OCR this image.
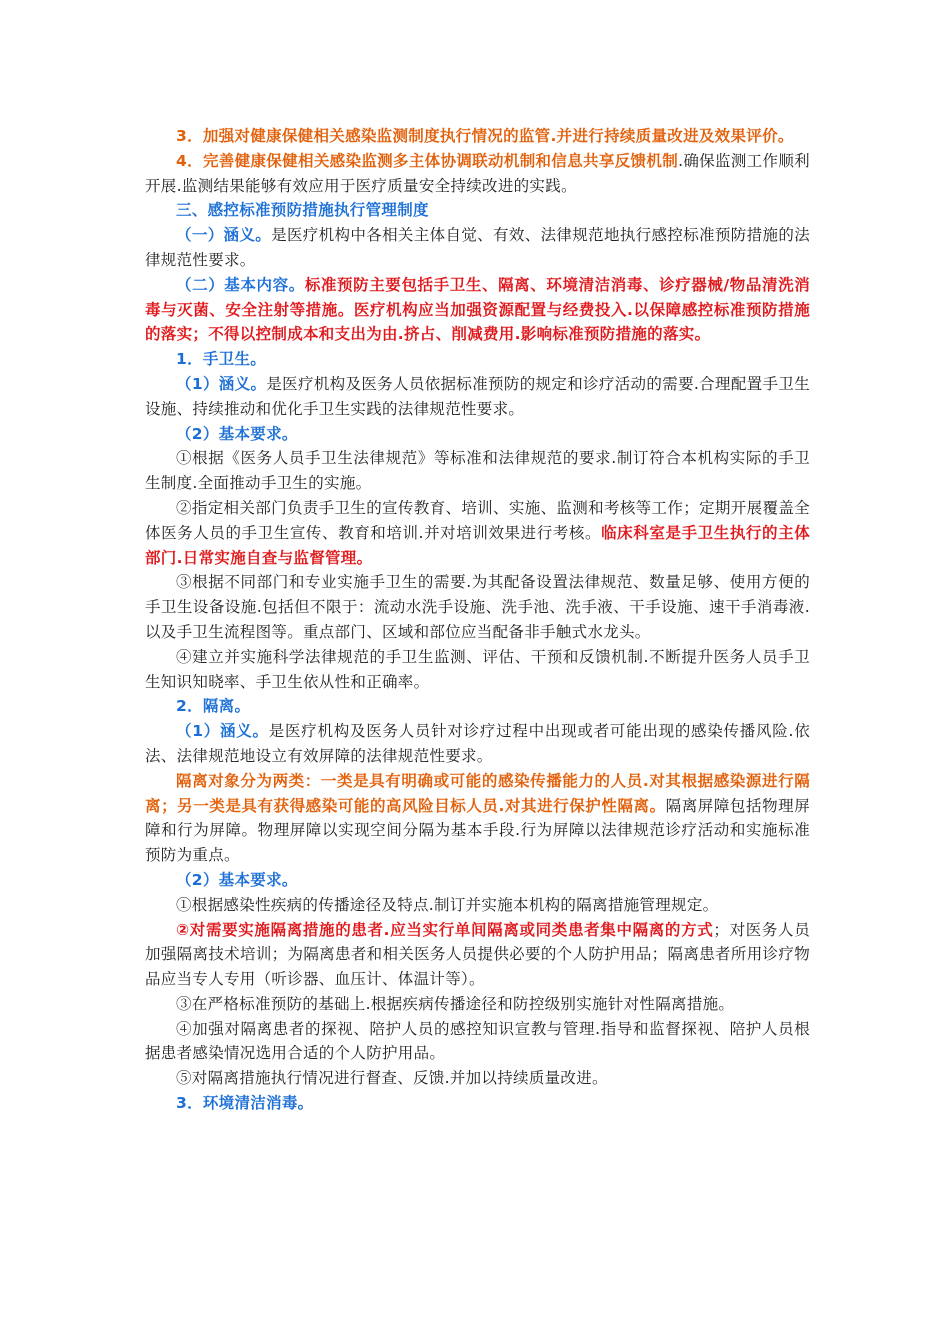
3．加强对健康保健相关感染监测制度执行情况的监管.并进行持续质量改进及效果评价。

4．完善健康保健相关感染监测多主体协调联动机制和信息共享反馈机制.确保监测工作顺利开展.监测结果能够有效应用于医疗质量安全持续改进的实践。

三、感控标准预防措施执行管理制度

（一）涵义。是医疗机构中各相关主体自觉、有效、法律规范地执行感控标准预防措施的法律规范性要求。

（二）基本内容。标准预防主要包括手卫生、隔离、环境清洁消毒、诊疗器械/物品清洗消毒与灭菌、安全注射等措施。医疗机构应当加强资源配置与经费投入.以保障感控标准预防措施的落实；不得以控制成本和支出为由.挤占、削减费用.影响标准预防措施的落实。

1．手卫生。

（1）涵义。是医疗机构及医务人员依据标准预防的规定和诊疗活动的需要.合理配置手卫生设施、持续推动和优化手卫生实践的法律规范性要求。

（2）基本要求。

①根据《医务人员手卫生法律规范》等标准和法律规范的要求.制订符合本机构实际的手卫生制度.全面推动手卫生的实施。

②指定相关部门负责手卫生的宣传教育、培训、实施、监测和考核等工作；定期开展覆盖全体医务人员的手卫生宣传、教育和培训.并对培训效果进行考核。临床科室是手卫生执行的主体部门.日常实施自查与监督管理。

③根据不同部门和专业实施手卫生的需要.为其配备设置法律规范、数量足够、使用方便的手卫生设备设施.包括但不限于：流动水洗手设施、洗手池、洗手液、干手设施、速干手消毒液.以及手卫生流程图等。重点部门、区域和部位应当配备非手触式水龙头。

④建立并实施科学法律规范的手卫生监测、评估、干预和反馈机制.不断提升医务人员手卫生知识知晓率、手卫生依从性和正确率。

2．隔离。

（1）涵义。是医疗机构及医务人员针对诊疗过程中出现或者可能出现的感染传播风险.依法、法律规范地设立有效屏障的法律规范性要求。

隔离对象分为两类：一类是具有明确或可能的感染传播能力的人员.对其根据感染源进行隔离；另一类是具有获得感染可能的高风险目标人员.对其进行保护性隔离。隔离屏障包括物理屏障和行为屏障。物理屏障以实现空间分隔为基本手段.行为屏障以法律规范诊疗活动和实施标准预防为重点。

（2）基本要求。

①根据感染性疾病的传播途径及特点.制订并实施本机构的隔离措施管理规定。

②对需要实施隔离措施的患者.应当实行单间隔离或同类患者集中隔离的方式；对医务人员加强隔离技术培训；为隔离患者和相关医务人员提供必要的个人防护用品；隔离患者所用诊疗物品应当专人专用（听诊器、血压计、体温计等）。

③在严格标准预防的基础上.根据疾病传播途径和防控级别实施针对性隔离措施。

④加强对隔离患者的探视、陪护人员的感控知识宣教与管理.指导和监督探视、陪护人员根据患者感染情况选用合适的个人防护用品。

⑤对隔离措施执行情况进行督查、反馈.并加以持续质量改进。

3．环境清洁消毒。
